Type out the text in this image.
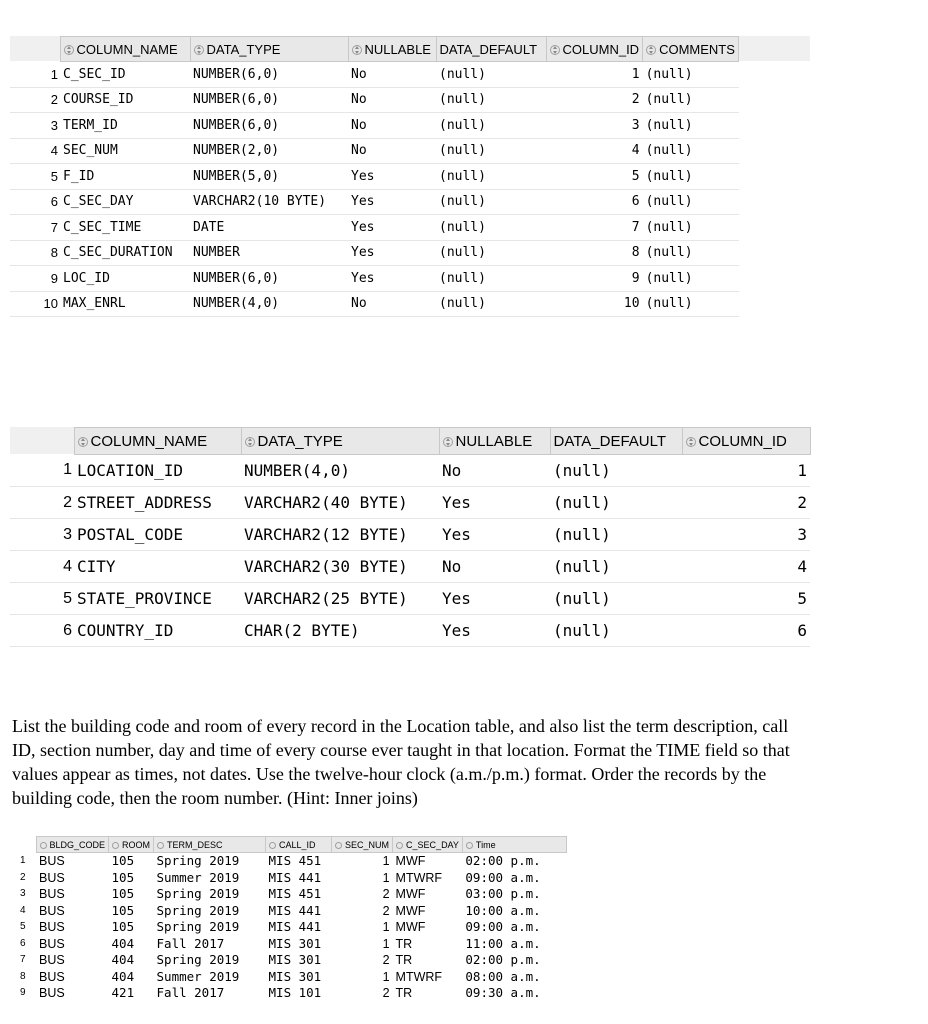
	COLUMN_NAME	DATA_TYPE	NULLABLE	DATA_DEFAULT	COLUMN_ID	COMMENTS
1	C_SEC_ID	NUMBER(6,0)	No	(null)	1	(null)
2	COURSE_ID	NUMBER(6,0)	No	(null)	2	(null)
3	TERM_ID	NUMBER(6,0)	No	(null)	3	(null)
4	SEC_NUM	NUMBER(2,0)	No	(null)	4	(null)
5	F_ID	NUMBER(5,0)	Yes	(null)	5	(null)
6	C_SEC_DAY	VARCHAR2(10 BYTE)	Yes	(null)	6	(null)
7	C_SEC_TIME	DATE	Yes	(null)	7	(null)
8	C_SEC_DURATION	NUMBER	Yes	(null)	8	(null)
9	LOC_ID	NUMBER(6,0)	Yes	(null)	9	(null)
10	MAX_ENRL	NUMBER(4,0)	No	(null)	10	(null)
	COLUMN_NAME	DATA_TYPE	NULLABLE	DATA_DEFAULT	COLUMN_ID
1	LOCATION_ID	NUMBER(4,0)	No	(null)	1
2	STREET_ADDRESS	VARCHAR2(40 BYTE)	Yes	(null)	2
3	POSTAL_CODE	VARCHAR2(12 BYTE)	Yes	(null)	3
4	CITY	VARCHAR2(30 BYTE)	No	(null)	4
5	STATE_PROVINCE	VARCHAR2(25 BYTE)	Yes	(null)	5
6	COUNTRY_ID	CHAR(2 BYTE)	Yes	(null)	6

List the building code and room of every record in the Location table, and also list the term description, call ID, section number, day and time of every course ever taught in that location. Format the TIME field so that values appear as times, not dates. Use the twelve-hour clock (a.m./p.m.) format. Order the records by the building code, then the room number. (Hint: Inner joins)

	BLDG_CODE	ROOM	TERM_DESC	CALL_ID	SEC_NUM	C_SEC_DAY	Time
1	BUS	105	Spring 2019	MIS 451	1	MWF	02:00 p.m.
2	BUS	105	Summer 2019	MIS 441	1	MTWRF	09:00 a.m.
3	BUS	105	Spring 2019	MIS 451	2	MWF	03:00 p.m.
4	BUS	105	Spring 2019	MIS 441	2	MWF	10:00 a.m.
5	BUS	105	Spring 2019	MIS 441	1	MWF	09:00 a.m.
6	BUS	404	Fall 2017	MIS 301	1	TR	11:00 a.m.
7	BUS	404	Spring 2019	MIS 301	2	TR	02:00 p.m.
8	BUS	404	Summer 2019	MIS 301	1	MTWRF	08:00 a.m.
9	BUS	421	Fall 2017	MIS 101	2	TR	09:30 a.m.
